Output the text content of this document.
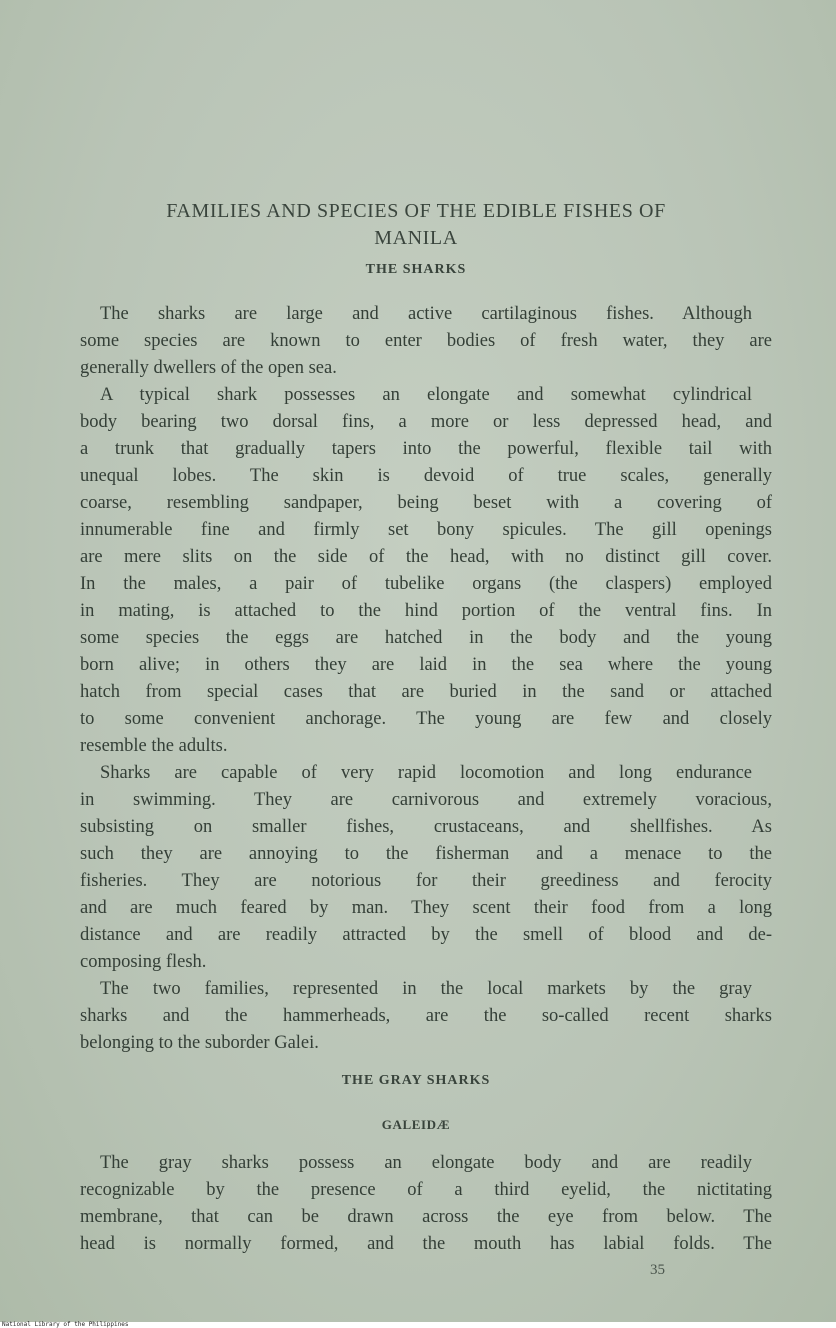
FAMILIES AND SPECIES OF THE EDIBLE FISHES OF
MANILA
THE SHARKS
The sharks are large and active cartilaginous fishes. Although
some species are known to enter bodies of fresh water, they are
generally dwellers of the open sea.
A typical shark possesses an elongate and somewhat cylindrical
body bearing two dorsal fins, a more or less depressed head, and
a trunk that gradually tapers into the powerful, flexible tail with
unequal lobes. The skin is devoid of true scales, generally
coarse, resembling sandpaper, being beset with a covering of
innumerable fine and firmly set bony spicules. The gill openings
are mere slits on the side of the head, with no distinct gill cover.
In the males, a pair of tubelike organs (the claspers) employed
in mating, is attached to the hind portion of the ventral fins. In
some species the eggs are hatched in the body and the young
born alive; in others they are laid in the sea where the young
hatch from special cases that are buried in the sand or attached
to some convenient anchorage. The young are few and closely
resemble the adults.
Sharks are capable of very rapid locomotion and long endurance
in swimming. They are carnivorous and extremely voracious,
subsisting on smaller fishes, crustaceans, and shellfishes. As
such they are annoying to the fisherman and a menace to the
fisheries. They are notorious for their greediness and ferocity
and are much feared by man. They scent their food from a long
distance and are readily attracted by the smell of blood and de-
composing flesh.
The two families, represented in the local markets by the gray
sharks and the hammerheads, are the so-called recent sharks
belonging to the suborder Galei.
THE GRAY SHARKS
GALEIDÆ
The gray sharks possess an elongate body and are readily
recognizable by the presence of a third eyelid, the nictitating
membrane, that can be drawn across the eye from below. The
head is normally formed, and the mouth has labial folds. The
35
National Library of the Philippines
